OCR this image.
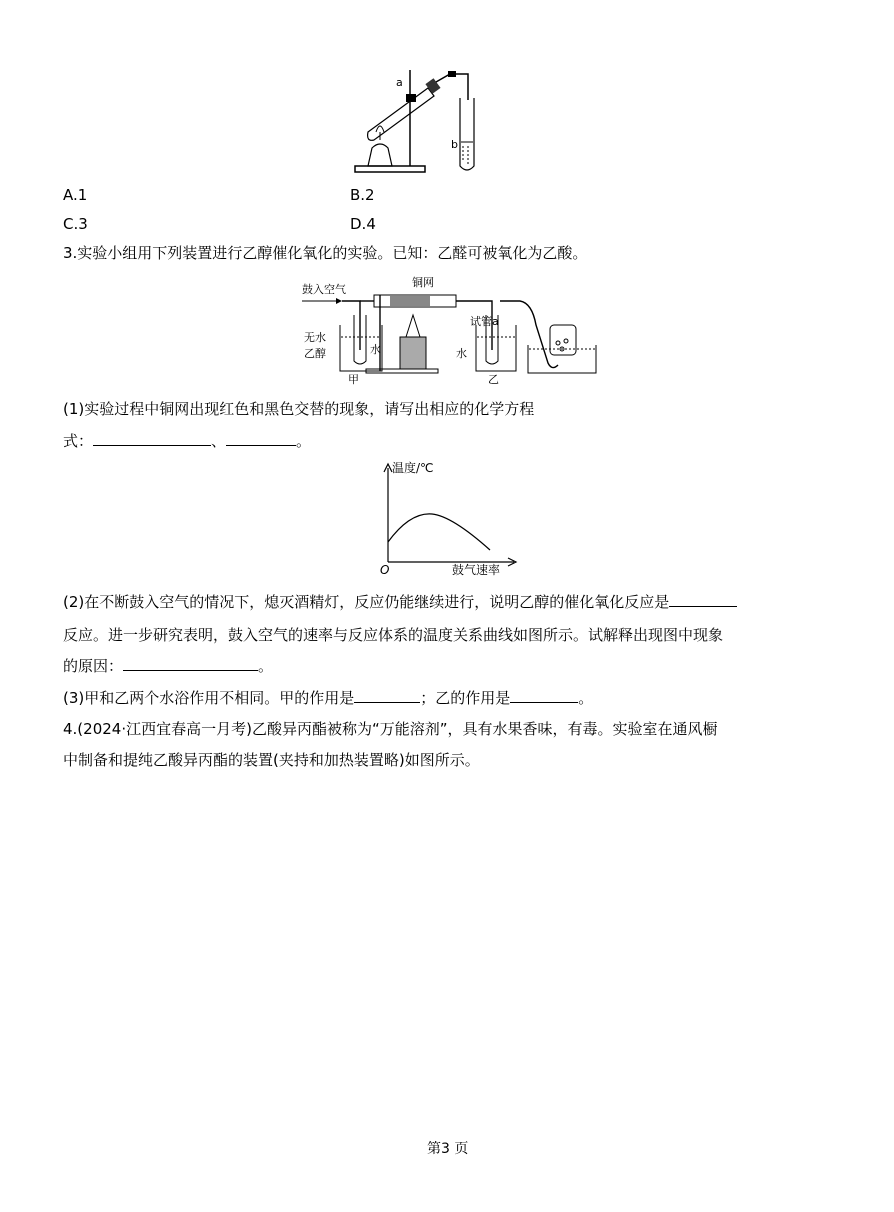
a
b
A.1	B.2
C.3	D.4
3.实验小组用下列装置进行乙醇催化氧化的实验。已知：乙醛可被氧化为乙酸。
鼓入空气
铜网
无水
乙醇	水
甲
试管a
水
乙
(1)实验过程中铜网出现红色和黑色交替的现象，请写出相应的化学方程
式：	、	。
温度/℃
鼓气速率
O
(2)在不断鼓入空气的情况下，熄灭酒精灯，反应仍能继续进行，说明乙醇的催化氧化反应是
反应。进一步研究表明，鼓入空气的速率与反应体系的温度关系曲线如图所示。试解释出现图中现象
的原因：	。
(3)甲和乙两个水浴作用不相同。甲的作用是	；乙的作用是	。
4.(2024·江西宜春高一月考)乙酸异丙酯被称为“万能溶剂”，具有水果香味，有毒。实验室在通风橱
中制备和提纯乙酸异丙酯的装置(夹持和加热装置略)如图所示。
第3 页
